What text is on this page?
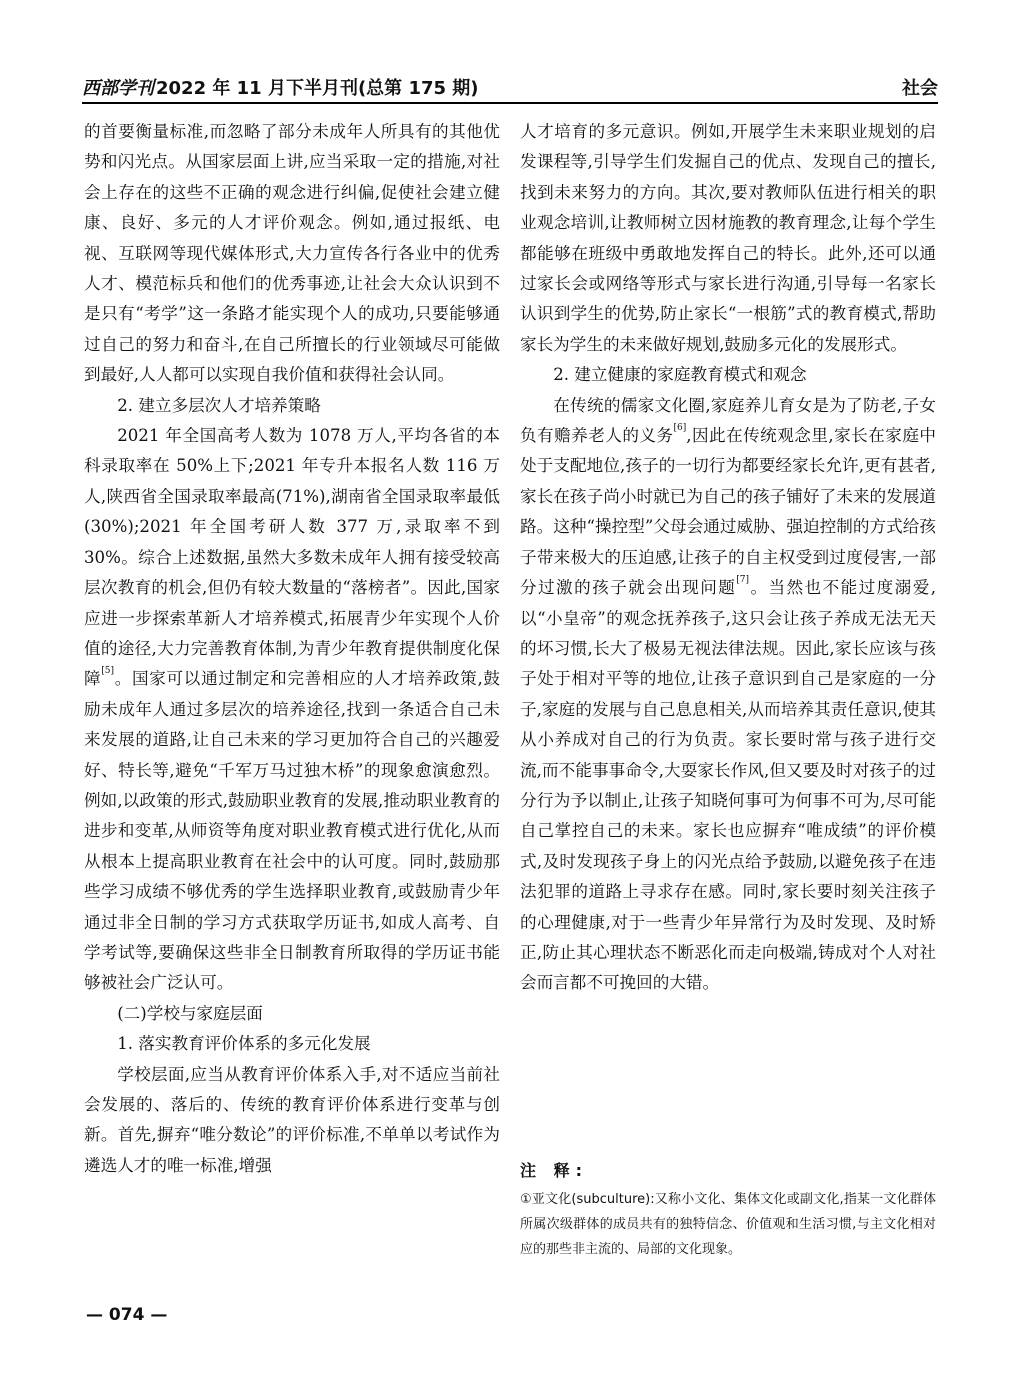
西部学刊 2022 年 11 月下半月刊(总第 175 期)	社会

的首要衡量标准,而忽略了部分未成年人所具有的其他优势和闪光点。从国家层面上讲,应当采取一定的措施,对社会上存在的这些不正确的观念进行纠偏,促使社会建立健康、良好、多元的人才评价观念。例如,通过报纸、电视、互联网等现代媒体形式,大力宣传各行各业中的优秀人才、模范标兵和他们的优秀事迹,让社会大众认识到不是只有“考学”这一条路才能实现个人的成功,只要能够通过自己的努力和奋斗,在自己所擅长的行业领域尽可能做到最好,人人都可以实现自我价值和获得社会认同。

2. 建立多层次人才培养策略

2021 年全国高考人数为 1078 万人,平均各省的本科录取率在 50%上下;2021 年专升本报名人数 116 万人,陕西省全国录取率最高(71%),湖南省全国录取率最低(30%);2021 年全国考研人数 377 万,录取率不到 30%。综合上述数据,虽然大多数未成年人拥有接受较高层次教育的机会,但仍有较大数量的“落榜者”。因此,国家应进一步探索革新人才培养模式,拓展青少年实现个人价值的途径,大力完善教育体制,为青少年教育提供制度化保障[5]。国家可以通过制定和完善相应的人才培养政策,鼓励未成年人通过多层次的培养途径,找到一条适合自己未来发展的道路,让自己未来的学习更加符合自己的兴趣爱好、特长等,避免“千军万马过独木桥”的现象愈演愈烈。例如,以政策的形式,鼓励职业教育的发展,推动职业教育的进步和变革,从师资等角度对职业教育模式进行优化,从而从根本上提高职业教育在社会中的认可度。同时,鼓励那些学习成绩不够优秀的学生选择职业教育,或鼓励青少年通过非全日制的学习方式获取学历证书,如成人高考、自学考试等,要确保这些非全日制教育所取得的学历证书能够被社会广泛认可。

(二)学校与家庭层面

1. 落实教育评价体系的多元化发展

学校层面,应当从教育评价体系入手,对不适应当前社会发展的、落后的、传统的教育评价体系进行变革与创新。首先,摒弃“唯分数论”的评价标准,不单单以考试作为遴选人才的唯一标准,增强

人才培育的多元意识。例如,开展学生未来职业规划的启发课程等,引导学生们发掘自己的优点、发现自己的擅长,找到未来努力的方向。其次,要对教师队伍进行相关的职业观念培训,让教师树立因材施教的教育理念,让每个学生都能够在班级中勇敢地发挥自己的特长。此外,还可以通过家长会或网络等形式与家长进行沟通,引导每一名家长认识到学生的优势,防止家长“一根筋”式的教育模式,帮助家长为学生的未来做好规划,鼓励多元化的发展形式。

2. 建立健康的家庭教育模式和观念

在传统的儒家文化圈,家庭养儿育女是为了防老,子女负有赡养老人的义务[6],因此在传统观念里,家长在家庭中处于支配地位,孩子的一切行为都要经家长允许,更有甚者,家长在孩子尚小时就已为自己的孩子铺好了未来的发展道路。这种“操控型”父母会通过威胁、强迫控制的方式给孩子带来极大的压迫感,让孩子的自主权受到过度侵害,一部分过激的孩子就会出现问题[7]。当然也不能过度溺爱,以“小皇帝”的观念抚养孩子,这只会让孩子养成无法无天的坏习惯,长大了极易无视法律法规。因此,家长应该与孩子处于相对平等的地位,让孩子意识到自己是家庭的一分子,家庭的发展与自己息息相关,从而培养其责任意识,使其从小养成对自己的行为负责。家长要时常与孩子进行交流,而不能事事命令,大耍家长作风,但又要及时对孩子的过分行为予以制止,让孩子知晓何事可为何事不可为,尽可能自己掌控自己的未来。家长也应摒弃“唯成绩”的评价模式,及时发现孩子身上的闪光点给予鼓励,以避免孩子在违法犯罪的道路上寻求存在感。同时,家长要时刻关注孩子的心理健康,对于一些青少年异常行为及时发现、及时矫正,防止其心理状态不断恶化而走向极端,铸成对个人对社会而言都不可挽回的大错。

注 释:
①亚文化(subculture):又称小文化、集体文化或副文化,指某一文化群体所属次级群体的成员共有的独特信念、价值观和生活习惯,与主文化相对应的那些非主流的、局部的文化现象。
— 074 —
